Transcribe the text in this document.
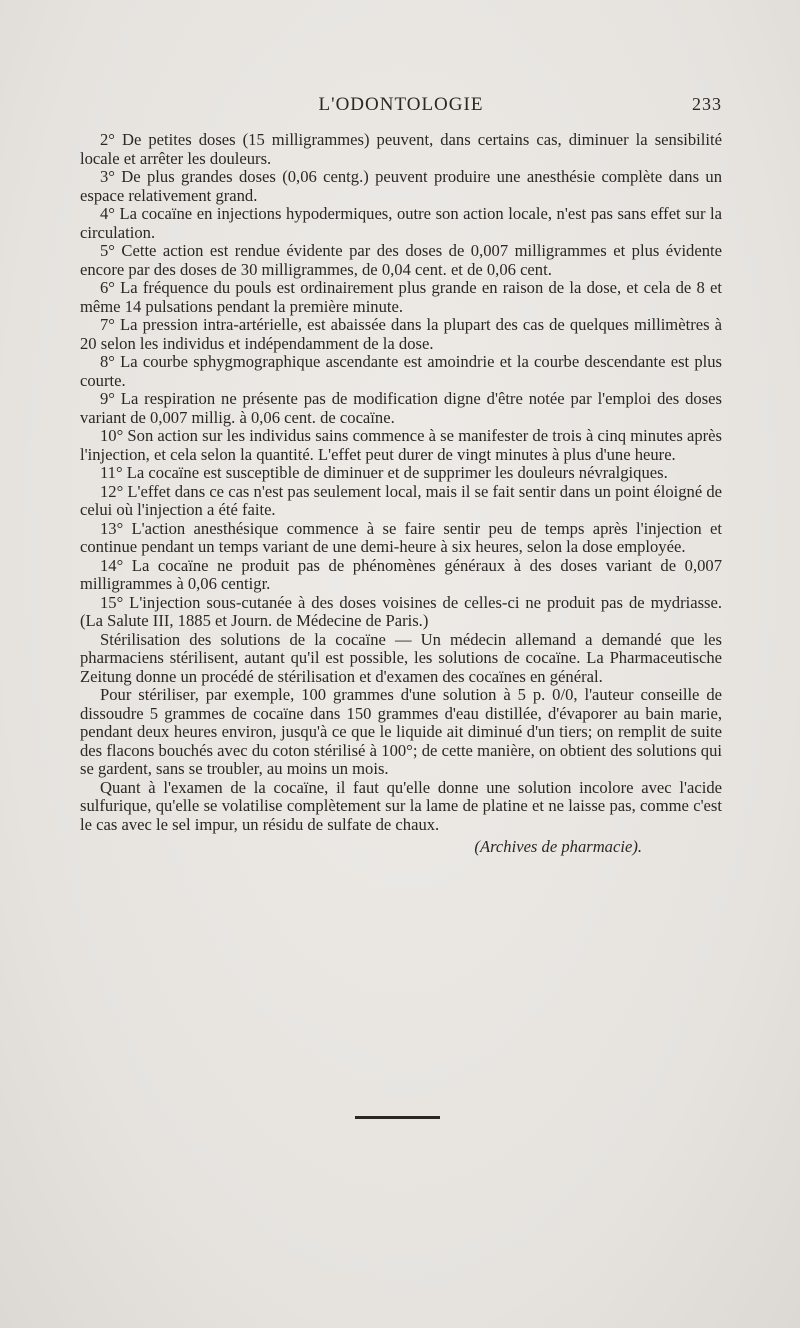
L'ODONTOLOGIE	233

2° De petites doses (15 milligrammes) peuvent, dans certains cas, diminuer la sensibilité locale et arrêter les douleurs.

3° De plus grandes doses (0,06 centg.) peuvent produire une anesthésie complète dans un espace relativement grand.

4° La cocaïne en injections hypodermiques, outre son action locale, n'est pas sans effet sur la circulation.

5° Cette action est rendue évidente par des doses de 0,007 milligrammes et plus évidente encore par des doses de 30 milligrammes, de 0,04 cent. et de 0,06 cent.

6° La fréquence du pouls est ordinairement plus grande en raison de la dose, et cela de 8 et même 14 pulsations pendant la première minute.

7° La pression intra-artérielle, est abaissée dans la plupart des cas de quelques millimètres à 20 selon les individus et indépendamment de la dose.

8° La courbe sphygmographique ascendante est amoindrie et la courbe descendante est plus courte.

9° La respiration ne présente pas de modification digne d'être notée par l'emploi des doses variant de 0,007 millig. à 0,06 cent. de cocaïne.

10° Son action sur les individus sains commence à se manifester de trois à cinq minutes après l'injection, et cela selon la quantité. L'effet peut durer de vingt minutes à plus d'une heure.

11° La cocaïne est susceptible de diminuer et de supprimer les douleurs névralgiques.

12° L'effet dans ce cas n'est pas seulement local, mais il se fait sentir dans un point éloigné de celui où l'injection a été faite.

13° L'action anesthésique commence à se faire sentir peu de temps après l'injection et continue pendant un temps variant de une demi-heure à six heures, selon la dose employée.

14° La cocaïne ne produit pas de phénomènes généraux à des doses variant de 0,007 milligrammes à 0,06 centigr.

15° L'injection sous-cutanée à des doses voisines de celles-ci ne produit pas de mydriasse. (La Salute III, 1885 et Journ. de Médecine de Paris.)

Stérilisation des solutions de la cocaïne — Un médecin allemand a demandé que les pharmaciens stérilisent, autant qu'il est possible, les solutions de cocaïne. La Pharmaceutische Zeitung donne un procédé de stérilisation et d'examen des cocaïnes en général.

Pour stériliser, par exemple, 100 grammes d'une solution à 5 p. 0/0, l'auteur conseille de dissoudre 5 grammes de cocaïne dans 150 grammes d'eau distillée, d'évaporer au bain marie, pendant deux heures environ, jusqu'à ce que le liquide ait diminué d'un tiers; on remplit de suite des flacons bouchés avec du coton stérilisé à 100°; de cette manière, on obtient des solutions qui se gardent, sans se troubler, au moins un mois.

Quant à l'examen de la cocaïne, il faut qu'elle donne une solution incolore avec l'acide sulfurique, qu'elle se volatilise complètement sur la lame de platine et ne laisse pas, comme c'est le cas avec le sel impur, un résidu de sulfate de chaux.

(Archives de pharmacie).
